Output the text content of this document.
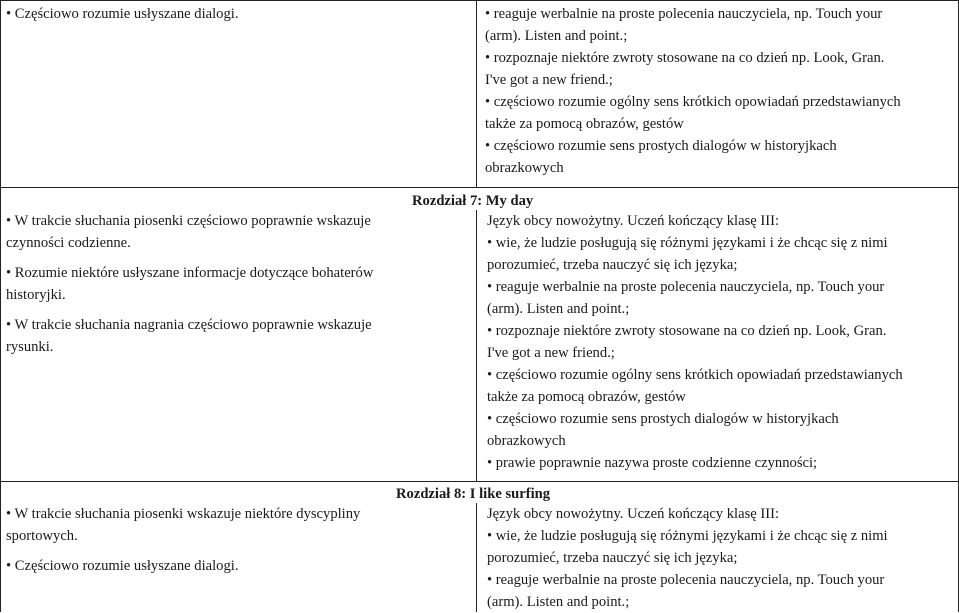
• Częściowo rozumie usłyszane dialogi.	• reaguje werbalnie na proste polecenia nauczyciela, np. Touch your
(arm). Listen and point.;
• rozpoznaje niektóre zwroty stosowane na co dzień np. Look, Gran.
I've got a new friend.;
• częściowo rozumie ogólny sens krótkich opowiadań przedstawianych
także za pomocą obrazów, gestów
• częściowo rozumie sens prostych dialogów w historyjkach
obrazkowych
Rozdział 7: My day
• W trakcie słuchania piosenki częściowo poprawnie wskazuje
czynności codzienne.
• Rozumie niektóre usłyszane informacje dotyczące bohaterów
historyjki.
• W trakcie słuchania nagrania częściowo poprawnie wskazuje
rysunki.
Język obcy nowożytny. Uczeń kończący klasę III:
• wie, że ludzie posługują się różnymi językami i że chcąc się z nimi
porozumieć, trzeba nauczyć się ich języka;
• reaguje werbalnie na proste polecenia nauczyciela, np. Touch your
(arm). Listen and point.;
• rozpoznaje niektóre zwroty stosowane na co dzień np. Look, Gran.
I've got a new friend.;
• częściowo rozumie ogólny sens krótkich opowiadań przedstawianych
także za pomocą obrazów, gestów
• częściowo rozumie sens prostych dialogów w historyjkach
obrazkowych
• prawie poprawnie nazywa proste codzienne czynności;
Rozdział 8: I like surfing
• W trakcie słuchania piosenki wskazuje niektóre dyscypliny
sportowych.
• Częściowo rozumie usłyszane dialogi.
Język obcy nowożytny. Uczeń kończący klasę III:
• wie, że ludzie posługują się różnymi językami i że chcąc się z nimi
porozumieć, trzeba nauczyć się ich języka;
• reaguje werbalnie na proste polecenia nauczyciela, np. Touch your
(arm). Listen and point.;
